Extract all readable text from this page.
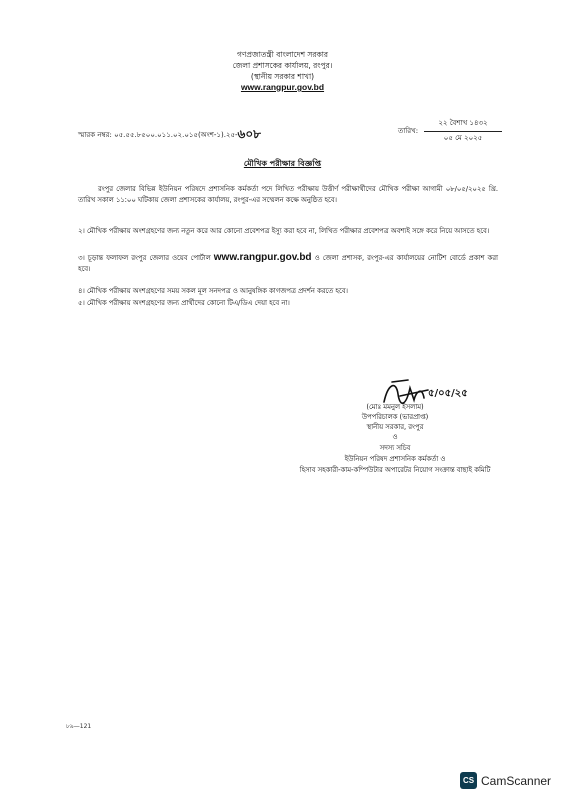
গণপ্রজাতন্ত্রী বাংলাদেশ সরকার
জেলা প্রশাসকের কার্যালয়, রংপুর।
(স্থানীয় সরকার শাখা)
www.rangpur.gov.bd
স্মারক নম্বর: ০৫.৫৫.৮৫০০.০১১.০২.০১৫(অংশ-১).২৫-৬০৮	তারিখ:
২২ বৈশাখ ১৪৩২
০৫ মে ২০২৫
মৌখিক পরীক্ষার বিজ্ঞপ্তি
রংপুর জেলার বিভিন্ন ইউনিয়ন পরিষদে প্রশাসনিক কর্মকর্তা পদে লিখিত পরীক্ষায় উত্তীর্ণ পরীক্ষার্থীদের মৌখিক পরীক্ষা আগামী ০৮/০৫/২০২৫ খ্রি. তারিখ সকাল ১১:০০ ঘটিকায় জেলা প্রশাসকের কার্যালয়, রংপুর-এর সম্মেলন কক্ষে অনুষ্ঠিত হবে।
২। মৌখিক পরীক্ষায় অংশগ্রহণের জন্য নতুন করে আর কোনো প্রবেশপত্র ইস্যু করা হবে না, লিখিত পরীক্ষার প্রবেশপত্র অবশ্যই সঙ্গে করে নিয়ে আসতে হবে।
৩। চূড়ান্ত ফলাফল রংপুর জেলার ওয়েব পোর্টাল www.rangpur.gov.bd ও জেলা প্রশাসক, রংপুর-এর কার্যালয়ের নোটিশ বোর্ডে প্রকাশ করা হবে।
৪। মৌখিক পরীক্ষায় অংশগ্রহণের সময় সকল মূল সনদপত্র ও আনুষঙ্গিক কাগজপত্র প্রদর্শন করতে হবে।
৫। মৌখিক পরীক্ষায় অংশগ্রহণের জন্য প্রার্থীদের কোনো টিএ/ডিএ দেয়া হবে না।
৫/০৫/২৫
(মোঃ মমনুল ইসলাম)
উপপরিচালক (ভারপ্রাপ্ত)
স্থানীয় সরকার, রংপুর
ও
সদস্য সচিব
ইউনিয়ন পরিষদ প্রশাসনিক কর্মকর্তা ও
হিসাব সহকারী-কাম-কম্পিউটার অপারেটর নিয়োগ সংক্রান্ত বাছাই কমিটি
৮৯—121
CS CamScanner
